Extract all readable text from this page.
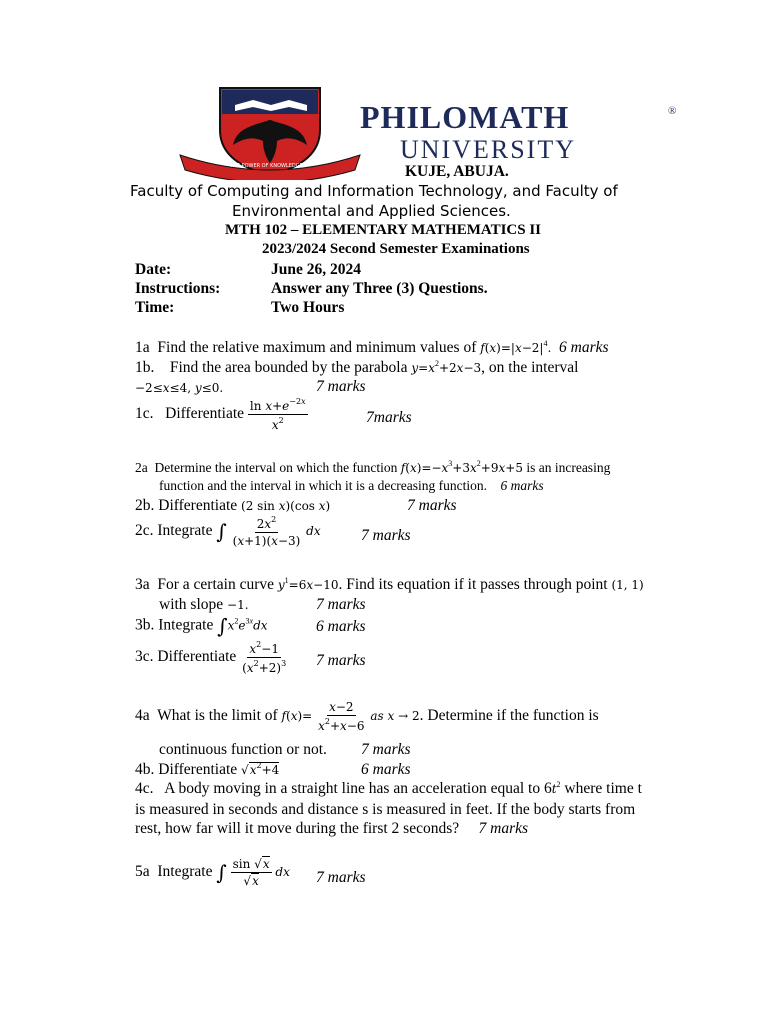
THE POWER OF KNOWLEDGE
PHILOMATH	®
UNIVERSITY
KUJE, ABUJA.
Faculty of Computing and Information Technology, and Faculty of
Environmental and Applied Sciences.
MTH 102 – ELEMENTARY MATHEMATICS II
2023/2024 Second Semester Examinations
Date:	June 26, 2024
Instructions:	Answer any Three (3) Questions.
Time:	Two Hours
1a Find the relative maximum and minimum values of $f(x)=|x-2|^4$. 6 marks
1b. Find the area bounded by the parabola $y=x^2+2x-3$, on the interval
−2≤x≤4, y≤0.	7 marks
1c. Differentiate $\frac{\ln x+e^{-2x}}{x^2}$	7marks
2a Determine the interval on which the function $f(x)=-x^3+3x^2+9x+5$ is an increasing
function and the interval in which it is a decreasing function. 6 marks
2b. Differentiate (2 sin x)(cos x)	7 marks
2c. Integrate ∫ $\frac{2x^2}{(x+1)(x-3)}$ dx	7 marks
3a For a certain curve $y^1=6x-10$. Find its equation if it passes through point (1, 1)
with slope −1.	7 marks
3b. Integrate $\int x^2e^{3x}dx$	6 marks
3c. Differentiate $\frac{x^2-1}{(x^2+2)^3} 7$ marks
4a What is the limit of $f(x)= \frac{x-2}{x^2+x-6}$ as x → 2. Determine if the function is
continuous function or not. 7 marks
4b. Differentiate $√x^2+4$	6 marks
4c. A body moving in a straight line has an acceleration equal to $6t^2$ where time t
is measured in seconds and distance s is measured in feet. If the body starts from
rest, how far will it move during the first 2 seconds? 7 marks
5a Integrate ∫ $\frac{\sin √x}{√x}$ dx 7 marks
